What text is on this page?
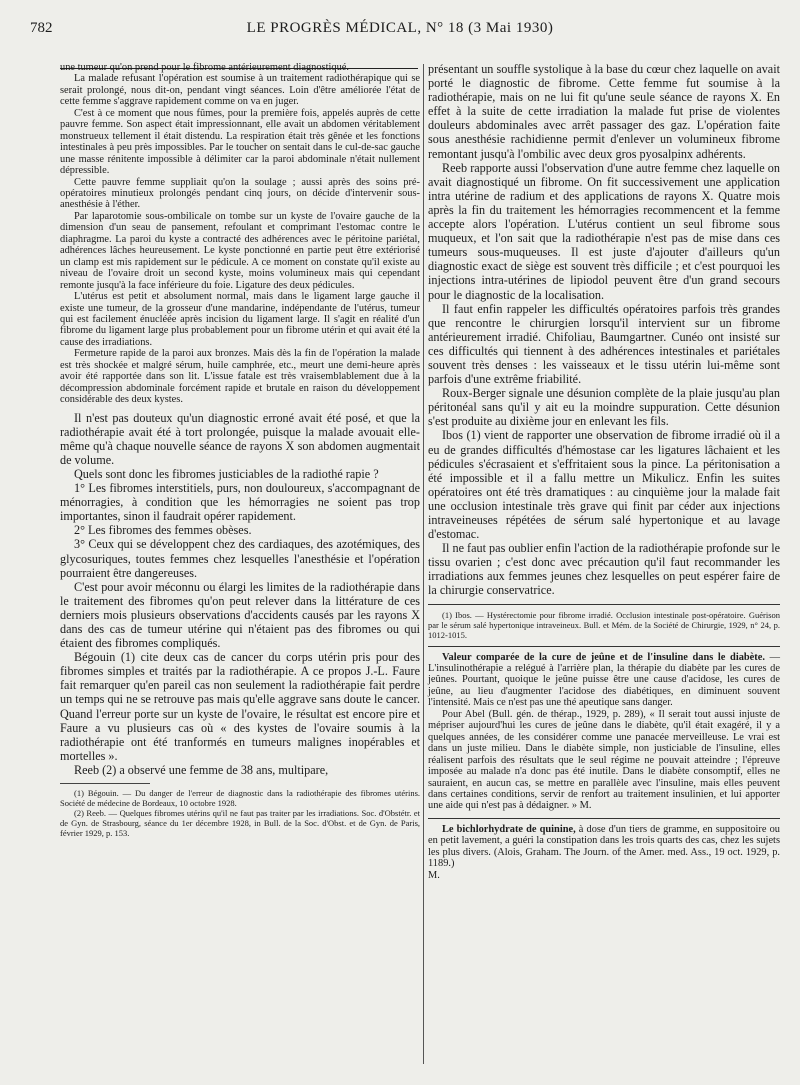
782	LE PROGRÈS MÉDICAL, N° 18 (3 Mai 1930)

une tumeur qu'on prend pour le fibrome antérieurement diagnostiqué.

La malade refusant l'opération est soumise à un traitement radiothérapique qui se serait prolongé, nous dit-on, pendant vingt séances. Loin d'être améliorée l'état de cette femme s'aggrave rapidement comme on va en juger.

C'est à ce moment que nous fûmes, pour la première fois, appelés auprès de cette pauvre femme. Son aspect était impressionnant, elle avait un abdomen véritablement monstrueux tellement il était distendu. La respiration était très gênée et les fonctions intestinales à peu près impossibles. Par le toucher on sentait dans le cul-de-sac gauche une masse rénitente impossible à délimiter car la paroi abdominale n'était nullement dépressible.

Cette pauvre femme suppliait qu'on la soulage ; aussi après des soins pré-opératoires minutieux prolongés pendant cinq jours, on décide d'intervenir sous-anesthésie à l'éther.

Par laparotomie sous-ombilicale on tombe sur un kyste de l'ovaire gauche de la dimension d'un seau de pansement, refoulant et comprimant l'estomac contre le diaphragme. La paroi du kyste a contracté des adhérences avec le péritoine pariétal, adhérences lâches heureusement. Le kyste ponctionné en partie peut être extériorisé un clamp est mis rapidement sur le pédicule. A ce moment on constate qu'il existe au niveau de l'ovaire droit un second kyste, moins volumineux mais qui cependant remonte jusqu'à la face inférieure du foie. Ligature des deux pédicules.

L'utérus est petit et absolument normal, mais dans le ligament large gauche il existe une tumeur, de la grosseur d'une mandarine, indépendante de l'utérus, tumeur qui est facilement énucléée après incision du ligament large. Il s'agit en réalité d'un fibrome du ligament large plus probablement pour un fibrome utérin et qui avait été la cause des irradiations.

Fermeture rapide de la paroi aux bronzes. Mais dès la fin de l'opération la malade est très shockée et malgré sérum, huile camphrée, etc., meurt une demi-heure après avoir été rapportée dans son lit. L'issue fatale est très vraisemblablement due à la décompression abdominale forcément rapide et brutale en raison du développement considérable des deux kystes.

Il n'est pas douteux qu'un diagnostic erroné avait été posé, et que la radiothérapie avait été à tort prolongée, puisque la malade avouait elle-même qu'à chaque nouvelle séance de rayons X son abdomen augmentait de volume.

Quels sont donc les fibromes justiciables de la radiothé rapie ?

1° Les fibromes interstitiels, purs, non douloureux, s'accompagnant de ménorragies, à condition que les hémorragies ne soient pas trop importantes, sinon il faudrait opérer rapidement.

2° Les fibromes des femmes obèses.

3° Ceux qui se développent chez des cardiaques, des azotémiques, des glycosuriques, toutes femmes chez lesquelles l'anesthésie et l'opération pourraient être dangereuses.

C'est pour avoir méconnu ou élargi les limites de la radiothérapie dans le traitement des fibromes qu'on peut relever dans la littérature de ces derniers mois plusieurs observations d'accidents causés par les rayons X dans des cas de tumeur utérine qui n'étaient pas des fibromes ou qui étaient des fibromes compliqués.

Bégouin (1) cite deux cas de cancer du corps utérin pris pour des fibromes simples et traités par la radiothérapie. A ce propos J.-L. Faure fait remarquer qu'en pareil cas non seulement la radiothérapie fait perdre un temps qui ne se retrouve pas mais qu'elle aggrave sans doute le cancer. Quand l'erreur porte sur un kyste de l'ovaire, le résultat est encore pire et Faure a vu plusieurs cas où « des kystes de l'ovaire soumis à la radiothérapie ont été tranformés en tumeurs malignes inopérables et mortelles ».

Reeb (2) a observé une femme de 38 ans, multipare,

(1) Bégouin. — Du danger de l'erreur de diagnostic dans la radiothérapie des fibromes utérins. Société de médecine de Bordeaux, 10 octobre 1928.

(2) Reeb. — Quelques fibromes utérins qu'il ne faut pas traiter par les irradiations. Soc. d'Obstétr. et de Gyn. de Strasbourg, séance du 1er décembre 1928, in Bull. de la Soc. d'Obst. et de Gyn. de Paris, février 1929, p. 153.

présentant un souffle systolique à la base du cœur chez laquelle on avait porté le diagnostic de fibrome. Cette femme fut soumise à la radiothérapie, mais on ne lui fit qu'une seule séance de rayons X. En effet à la suite de cette irradiation la malade fut prise de violentes douleurs abdominales avec arrêt passager des gaz. L'opération faite sous anesthésie rachidienne permit d'enlever un volumineux fibrome remontant jusqu'à l'ombilic avec deux gros pyosalpinx adhérents.

Reeb rapporte aussi l'observation d'une autre femme chez laquelle on avait diagnostiqué un fibrome. On fit successivement une application intra utérine de radium et des applications de rayons X. Quatre mois après la fin du traitement les hémorragies recommencent et la femme accepte alors l'opération. L'utérus contient un seul fibrome sous muqueux, et l'on sait que la radiothérapie n'est pas de mise dans ces tumeurs sous-muqueuses. Il est juste d'ajouter d'ailleurs qu'un diagnostic exact de siège est souvent très difficile ; et c'est pourquoi les injections intra-utérines de lipiodol peuvent être d'un grand secours pour le diagnostic de la localisation.

Il faut enfin rappeler les difficultés opératoires parfois très grandes que rencontre le chirurgien lorsqu'il intervient sur un fibrome antérieurement irradié. Chifoliau, Baumgartner. Cunéo ont insisté sur ces difficultés qui tiennent à des adhérences intestinales et pariétales souvent très denses : les vaisseaux et le tissu utérin lui-même sont parfois d'une extrême friabilité.

Roux-Berger signale une désunion complète de la plaie jusqu'au plan péritonéal sans qu'il y ait eu la moindre suppuration. Cette désunion s'est produite au dixième jour en enlevant les fils.

Ibos (1) vient de rapporter une observation de fibrome irradié où il a eu de grandes difficultés d'hémostase car les ligatures lâchaient et les pédicules s'écrasaient et s'effritaient sous la pince. La péritonisation a été impossible et il a fallu mettre un Mikulicz. Enfin les suites opératoires ont été très dramatiques : au cinquième jour la malade fait une occlusion intestinale très grave qui finit par céder aux injections intraveineuses répétées de sérum salé hypertonique et au lavage d'estomac.

Il ne faut pas oublier enfin l'action de la radiothérapie profonde sur le tissu ovarien ; c'est donc avec précaution qu'il faut recommander les irradiations aux femmes jeunes chez lesquelles on peut espérer faire de la chirurgie conservatrice.

(1) Ibos. — Hystérectomie pour fibrome irradié. Occlusion intestinale post-opératoire. Guérison par le sérum salé hypertonique intraveineux. Bull. et Mém. de la Société de Chirurgie, 1929, n° 24, p. 1012-1015.

Valeur comparée de la cure de jeûne et de l'insuline dans le diabète. — L'insulinothérapie a relégué à l'arrière plan, la thérapie du diabète par les cures de jeûnes. Pourtant, quoique le jeûne puisse être une cause d'acidose, les cures de jeûne, au lieu d'augmenter l'acidose des diabétiques, en diminuent souvent l'intensité. Mais ce n'est pas une thé apeutique sans danger.

Pour Abel (Bull. gén. de thérap., 1929, p. 289), « Il serait tout aussi injuste de mépriser aujourd'hui les cures de jeûne dans le diabète, qu'il était exagéré, il y a quelques années, de les considérer comme une panacée merveilleuse. Le vrai est dans un juste milieu. Dans le diabète simple, non justiciable de l'insuline, elles réalisent parfois des résultats que le seul régime ne pouvait atteindre ; l'épreuve imposée au malade n'a donc pas été inutile. Dans le diabète consomptif, elles ne sauraient, en aucun cas, se mettre en parallèle avec l'insuline, mais elles peuvent dans certaines conditions, servir de renfort au traitement insulinien, et lui apporter une aide qui n'est pas à dédaigner. » M.

Le bichlorhydrate de quinine, à dose d'un tiers de gramme, en suppositoire ou en petit lavement, a guéri la constipation dans les trois quarts des cas, chez les sujets les plus divers. (Alois, Graham. The Journ. of the Amer. med. Ass., 19 oct. 1929, p. 1189.)

M.
